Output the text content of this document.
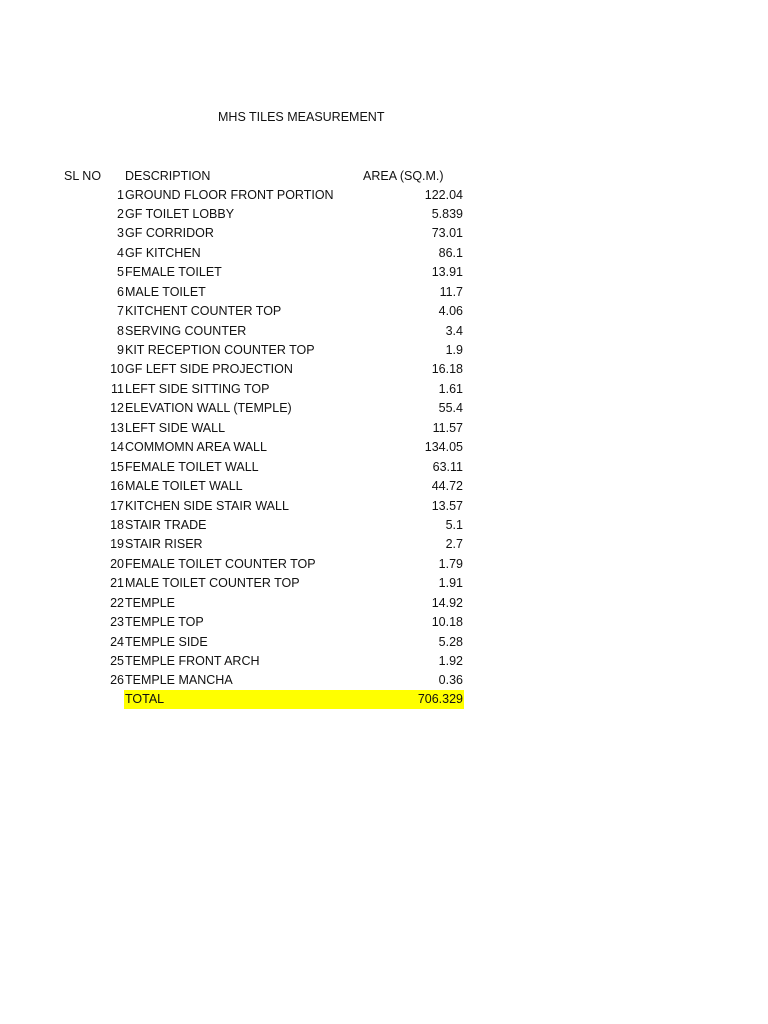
MHS TILES MEASUREMENT
SL NO DESCRIPTION	AREA (SQ.M.)
1 GROUND FLOOR FRONT PORTION	122.04
2 GF TOILET LOBBY	5.839
3 GF CORRIDOR	73.01
4 GF KITCHEN	86.1
5 FEMALE TOILET	13.91
6 MALE TOILET	11.7
7 KITCHENT COUNTER TOP	4.06
8 SERVING COUNTER	3.4
9 KIT RECEPTION COUNTER TOP	1.9
10 GF LEFT SIDE PROJECTION	16.18
11 LEFT SIDE SITTING TOP	1.61
12 ELEVATION WALL (TEMPLE)	55.4
13 LEFT SIDE WALL	11.57
14 COMMOMN AREA WALL	134.05
15 FEMALE TOILET WALL	63.11
16 MALE TOILET WALL	44.72
17 KITCHEN SIDE STAIR WALL	13.57
18 STAIR TRADE	5.1
19 STAIR RISER	2.7
20 FEMALE TOILET COUNTER TOP	1.79
21 MALE TOILET COUNTER TOP	1.91
22 TEMPLE	14.92
23 TEMPLE TOP	10.18
24 TEMPLE SIDE	5.28
25 TEMPLE FRONT ARCH	1.92
26 TEMPLE MANCHA	0.36
TOTAL	706.329
